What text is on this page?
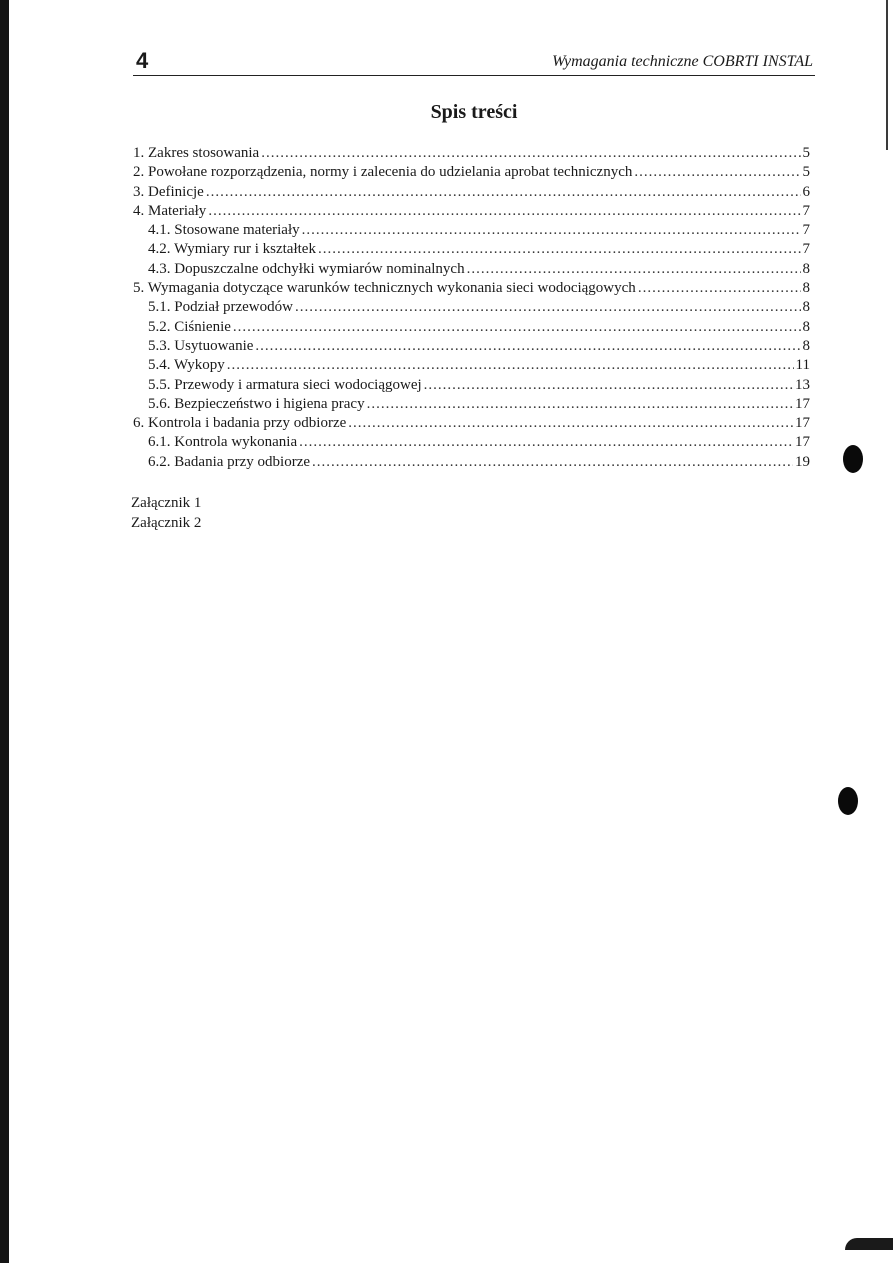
4	Wymagania techniczne COBRTI INSTAL
Spis treści
1. Zakres stosowania .....	5
2. Powołane rozporządzenia, normy i zalecenia do udzielania aprobat technicznych .....	5
3. Definicje .....	6
4. Materiały .....	7
4.1. Stosowane materiały .....	7
4.2. Wymiary rur i kształtek .....	7
4.3. Dopuszczalne odchyłki wymiarów nominalnych .....	8
5. Wymagania dotyczące warunków technicznych wykonania sieci wodociągowych .....	8
5.1. Podział przewodów .....	8
5.2. Ciśnienie .....	8
5.3. Usytuowanie .....	8
5.4. Wykopy .....	11
5.5. Przewody i armatura sieci wodociągowej .....	13
5.6. Bezpieczeństwo i higiena pracy .....	17
6. Kontrola i badania przy odbiorze .....	17
6.1. Kontrola wykonania .....	17
6.2. Badania przy odbiorze .....	19
Załącznik 1
Załącznik 2
